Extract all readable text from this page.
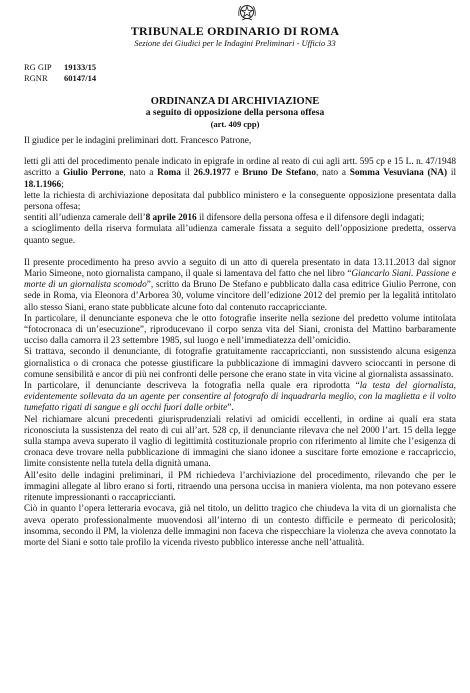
TRIBUNALE ORDINARIO DI ROMA
Sezione dei Giudici per le Indagini Preliminari - Ufficio 33
RG GIP 19133/15
RGNR 60147/14
ORDINANZA DI ARCHIVIAZIONE
a seguito di opposizione della persona offesa
(art. 409 cpp)

Il giudice per le indagini preliminari dott. Francesco Patrone,

letti gli atti del procedimento penale indicato in epigrafe in ordine al reato di cui agli artt. 595 cp e 15 L. n. 47/1948 ascritto a Giulio Perrone, nato a Roma il 26.9.1977 e Bruno De Stefano, nato a Somma Vesuviana (NA) il 18.1.1966;

lette la richiesta di archiviazione depositata dal pubblico ministero e la conseguente opposizione presentata dalla persona offesa;

sentiti all’udienza camerale dell’8 aprile 2016 il difensore della persona offesa e il difensore degli indagati;

a scioglimento della riserva formulata all’udienza camerale fissata a seguito dell’opposizione predetta, osserva quanto segue.

Il presente procedimento ha preso avvio a seguito di un atto di querela presentato in data 13.11.2013 dal signor Mario Simeone, noto giornalista campano, il quale si lamentava del fatto che nel libro “Giancarlo Siani. Passione e morte di un giornalista scomodo”, scritto da Bruno De Stefano e pubblicato dalla casa editrice Giulio Perrone, con sede in Roma, via Eleonora d’Arborea 30, volume vincitore dell’edizione 2012 del premio per la legalità intitolato allo stesso Siani, erano state pubblicate alcune foto dal contenuto raccapricciante.

In particolare, il denunciante esponeva che le otto fotografie inserite nella sezione del predetto volume intitolata “fotocronaca di un’esecuzione”, riproducevano il corpo senza vita del Siani, cronista del Mattino barbaramente ucciso dalla camorra il 23 settembre 1985, sul luogo e nell’immediatezza dell’omicidio.

Si trattava, secondo il denunciante, di fotografie gratuitamente raccapriccianti, non sussistendo alcuna esigenza giornalistica o di cronaca che potesse giustificare la pubblicazione di immagini davvero scioccanti in persone di comune sensibilità e ancor di più nei confronti delle persone che erano state in vita vicine al giornalista assassinato.

In particolare, il denunciante descriveva la fotografia nella quale era riprodotta “la testa del giornalista, evidentemente sollevata da un agente per consentire al fotografo di inquadrarla meglio, con la maglietta e il volto tumefatto rigati di sangue e gli occhi fuori dalle orbite”.

Nel richiamare alcuni precedenti giurisprudenziali relativi ad omicidi eccellenti, in ordine ai quali era stata riconosciuta la sussistenza del reato di cui all’art. 528 cp, il denunciante rilevava che nel 2000 l’art. 15 della legge sulla stampa aveva superato il vaglio di legittimità costituzionale proprio con riferimento al limite che l’esigenza di cronaca deve trovare nella pubblicazione di immagini che siano idonee a suscitare forte emozione e raccapriccio, limite consistente nella tutela della dignità umana.

All’esito delle indagini preliminari, il PM richiedeva l’archiviazione del procedimento, rilevando che per le immagini allegate al libro erano si forti, ritraendo una persona uccisa in maniera violenta, ma non potevano essere ritenute impressionanti o raccapriccianti.

Ciò in quanto l’opera letteraria evocava, già nel titolo, un delitto tragico che chiudeva la vita di un giornalista che aveva operato professionalmente muovendosi all’interno di un contesto difficile e permeato di pericolosità; insomma, secondo il PM, la violenza delle immagini non faceva che rispecchiare la violenza che aveva connotato la morte del Siani e sotto tale profilo la vicenda rivesto pubblico interesse anche nell’attualità.
